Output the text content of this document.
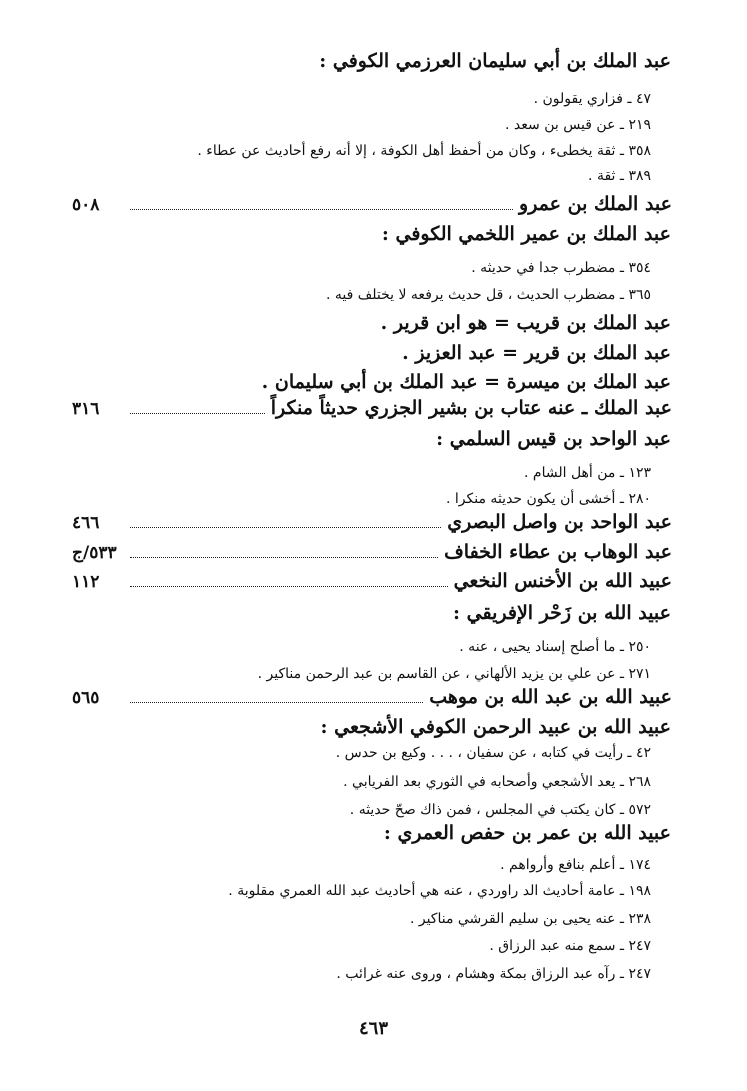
عبد الملك بن أبي سليمان العرزمي الكوفي :
٤٧ ـ فزاري يقولون .
٢١٩ ـ عن قيس بن سعد .
٣٥٨ ـ ثقة يخطىء ، وكان من أحفظ أهل الكوفة ، إلا أنه رفع أحاديث عن عطاء .
٣٨٩ ـ ثقة .
٥٠٨	عبد الملك بن عمرو
عبد الملك بن عمير اللخمي الكوفي :
٣٥٤ ـ مضطرب جدا في حديثه .
٣٦٥ ـ مضطرب الحديث ، قل حديث يرفعه لا يختلف فيه .
عبد الملك بن قريب = هو ابن قرير .
عبد الملك بن قرير = عبد العزيز .
عبد الملك بن ميسرة = عبد الملك بن أبي سليمان .
٣١٦	عبد الملك ـ عنه عتاب بن بشير الجزري حديثاً منكراً
عبد الواحد بن قيس السلمي :
١٢٣ ـ من أهل الشام .
٢٨٠ ـ أخشى أن يكون حديثه منكرا .
٤٦٦	عبد الواحد بن واصل البصري
٥٣٣/ج	عبد الوهاب بن عطاء الخفاف
١١٢	عبيد الله بن الأخنس النخعي
عبيد الله بن زَحْر الإفريقي :
٢٥٠ ـ ما أصلح إسناد يحيى ، عنه .
٢٧١ ـ عن علي بن يزيد الألهاني ، عن القاسم بن عبد الرحمن مناكير .
٥٦٥	عبيد الله بن عبد الله بن موهب
عبيد الله بن عبيد الرحمن الكوفي الأشجعي :
٤٢ ـ رأيت في كتابه ، عن سفيان ، . . . وكيع بن حدس .
٢٦٨ ـ يعد الأشجعي وأصحابه في الثوري بعد الفريابي .
٥٧٢ ـ كان يكتب في المجلس ، فمن ذاك صحّ حديثه .
عبيد الله بن عمر بن حفص العمري :
١٧٤ ـ أعلم بنافع وأرواهم .
١٩٨ ـ عامة أحاديث الد راوردي ، عنه هي أحاديث عبد الله العمري مقلوبة .
٢٣٨ ـ عنه يحيى بن سليم القرشي مناكير .
٢٤٧ ـ سمع منه عبد الرزاق .
٢٤٧ ـ رآه عبد الرزاق بمكة وهشام ، وروى عنه غرائب .
٤٦٣
